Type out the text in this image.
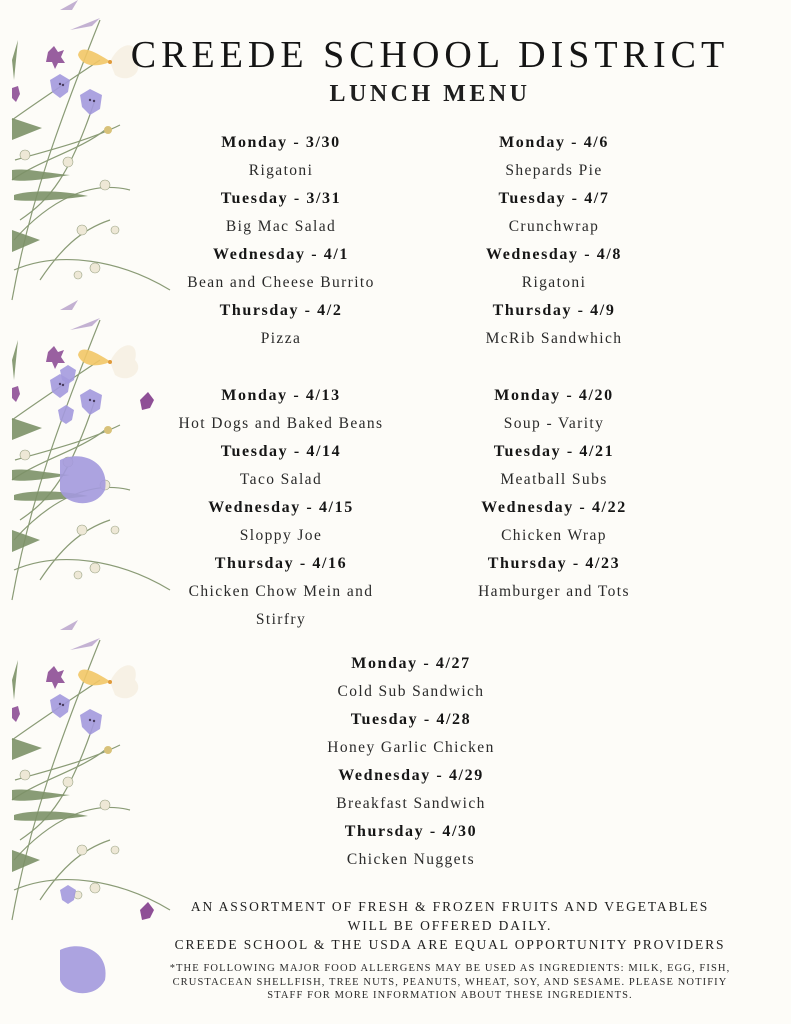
CREEDE SCHOOL DISTRICT
LUNCH MENU
Monday - 3/30
Rigatoni
Tuesday - 3/31
Big Mac Salad
Wednesday - 4/1
Bean and Cheese Burrito
Thursday - 4/2
Pizza
Monday - 4/6
Shepards Pie
Tuesday - 4/7
Crunchwrap
Wednesday - 4/8
Rigatoni
Thursday - 4/9
McRib Sandwhich
Monday - 4/13
Hot Dogs and Baked Beans
Tuesday - 4/14
Taco Salad
Wednesday - 4/15
Sloppy Joe
Thursday - 4/16
Chicken Chow Mein and Stirfry
Monday - 4/20
Soup - Varity
Tuesday - 4/21
Meatball Subs
Wednesday - 4/22
Chicken Wrap
Thursday - 4/23
Hamburger and Tots
Monday - 4/27
Cold Sub Sandwich
Tuesday - 4/28
Honey Garlic Chicken
Wednesday - 4/29
Breakfast Sandwich
Thursday - 4/30
Chicken Nuggets
AN ASSORTMENT OF FRESH & FROZEN FRUITS AND VEGETABLES
WILL BE OFFERED DAILY.
CREEDE SCHOOL & THE USDA ARE EQUAL OPPORTUNITY PROVIDERS
*THE FOLLOWING MAJOR FOOD ALLERGENS MAY BE USED AS INGREDIENTS: MILK, EGG, FISH,
CRUSTACEAN SHELLFISH, TREE NUTS, PEANUTS, WHEAT, SOY, AND SESAME. PLEASE NOTIFIY
STAFF FOR MORE INFORMATION ABOUT THESE INGREDIENTS.
